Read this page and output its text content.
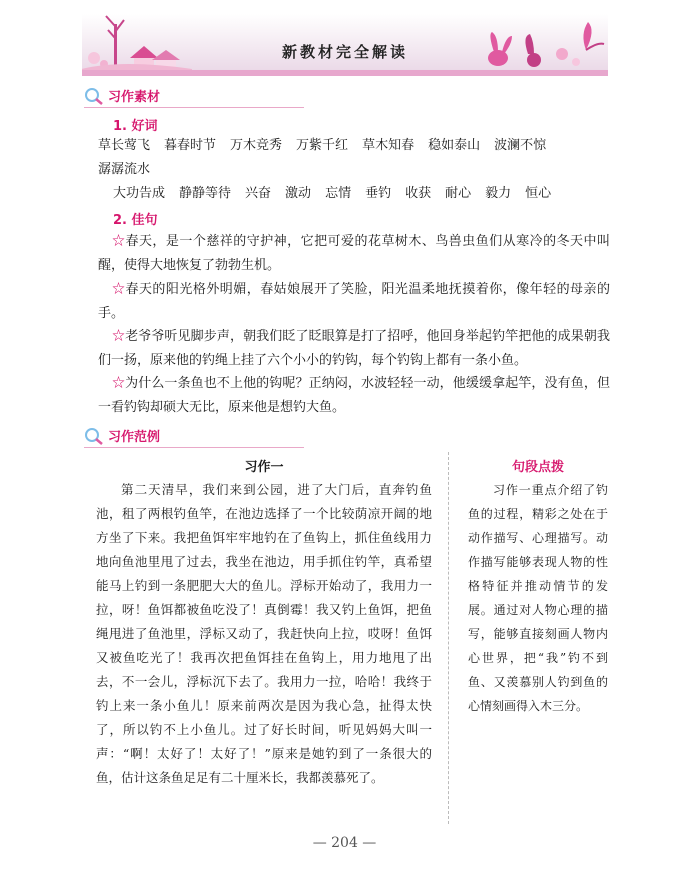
新教材完全解读
习作素材
1. 好词
草长莺飞 暮春时节 万木竞秀 万紫千红 草木知春 稳如泰山 波澜不惊
潺潺流水
大功告成 静静等待 兴奋 激动 忘情 垂钓 收获 耐心 毅力 恒心
2. 佳句
☆春天，是一个慈祥的守护神，它把可爱的花草树木、鸟兽虫鱼们从寒冷的冬天中叫醒，使得大地恢复了勃勃生机。
☆春天的阳光格外明媚，春姑娘展开了笑脸，阳光温柔地抚摸着你，像年轻的母亲的手。
☆老爷爷听见脚步声，朝我们眨了眨眼算是打了招呼，他回身举起钓竿把他的成果朝我们一扬，原来他的钓绳上挂了六个小小的钓钩，每个钓钩上都有一条小鱼。
☆为什么一条鱼也不上他的钩呢？正纳闷，水波轻轻一动，他缓缓拿起竿，没有鱼，但一看钓钩却硕大无比，原来他是想钓大鱼。
习作范例
习作一	句段点拨
第二天清早，我们来到公园，进了大门后，直奔钓鱼池，租了两根钓鱼竿，在池边选择了一个比较荫凉开阔的地方坐了下来。我把鱼饵牢牢地钓在了鱼钩上，抓住鱼线用力地向鱼池里甩了过去，我坐在池边，用手抓住钓竿，真希望能马上钓到一条肥肥大大的鱼儿。浮标开始动了，我用力一拉，呀！鱼饵都被鱼吃没了！真倒霉！我又钓上鱼饵，把鱼绳甩进了鱼池里，浮标又动了，我赶快向上拉，哎呀！鱼饵又被鱼吃光了！我再次把鱼饵挂在鱼钩上，用力地甩了出去，不一会儿，浮标沉下去了。我用力一拉，哈哈！我终于钓上来一条小鱼儿！原来前两次是因为我心急，扯得太快了，所以钓不上小鱼儿。过了好长时间，听见妈妈大叫一声：“啊！太好了！太好了！”原来是她钓到了一条很大的鱼，估计这条鱼足足有二十厘米长，我都羡慕死了。
习作一重点介绍了钓鱼的过程，精彩之处在于动作描写、心理描写。动作描写能够表现人物的性格特征并推动情节的发展。通过对人物心理的描写，能够直接刻画人物内心世界，把“我”钓不到鱼、又羡慕别人钓到鱼的心情刻画得入木三分。
— 204 —
